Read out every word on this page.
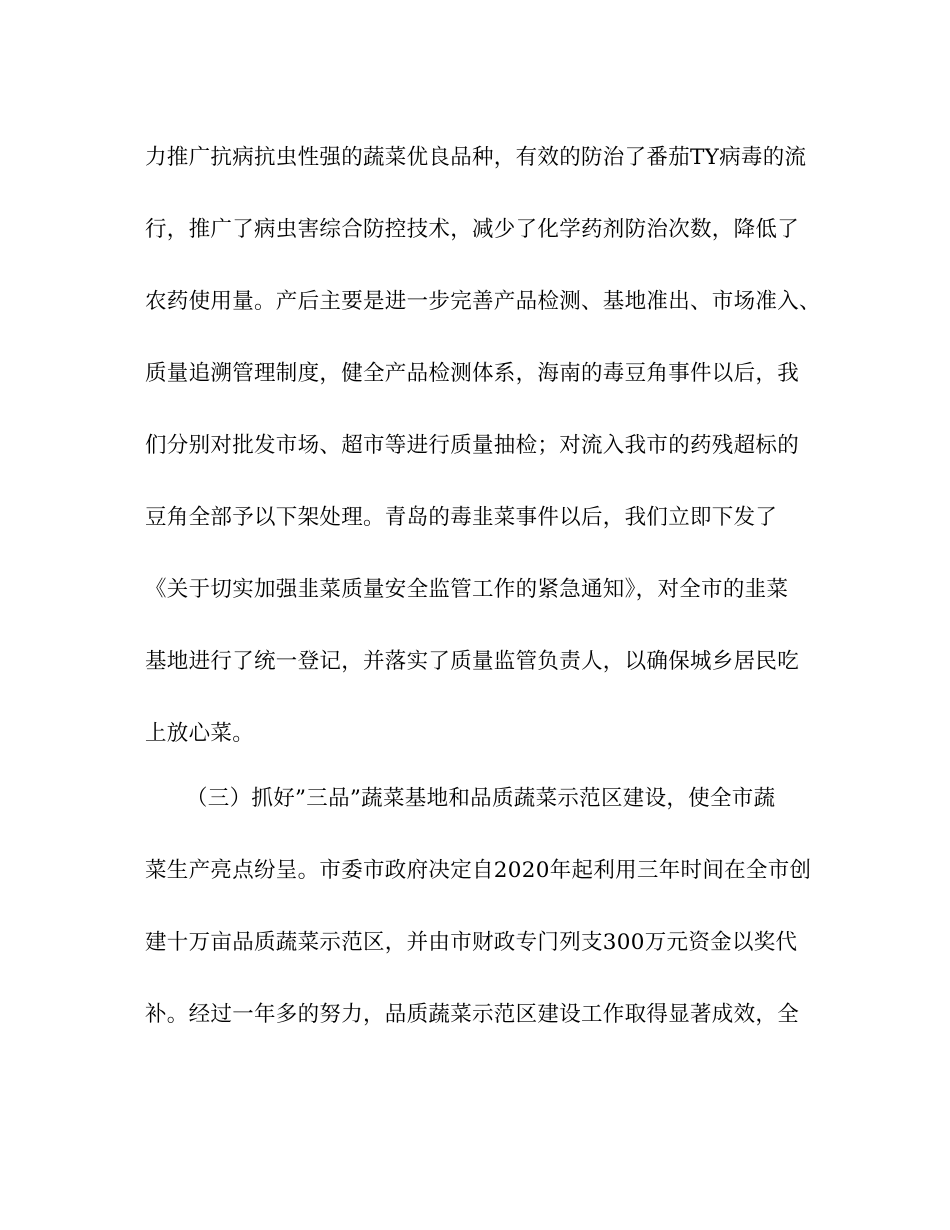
力推广抗病抗虫性强的蔬菜优良品种，有效的防治了番茄TY病毒的流
行，推广了病虫害综合防控技术，减少了化学药剂防治次数，降低了
农药使用量。产后主要是进一步完善产品检测、基地准出、市场准入、
质量追溯管理制度，健全产品检测体系，海南的毒豆角事件以后，我
们分别对批发市场、超市等进行质量抽检；对流入我市的药残超标的
豆角全部予以下架处理。青岛的毒韭菜事件以后，我们立即下发了
《关于切实加强韭菜质量安全监管工作的紧急通知》，对全市的韭菜
基地进行了统一登记，并落实了质量监管负责人，以确保城乡居民吃
上放心菜。
（三）抓好”三品”蔬菜基地和品质蔬菜示范区建设，使全市蔬
菜生产亮点纷呈。市委市政府决定自2020年起利用三年时间在全市创
建十万亩品质蔬菜示范区，并由市财政专门列支300万元资金以奖代
补。经过一年多的努力，品质蔬菜示范区建设工作取得显著成效，全
